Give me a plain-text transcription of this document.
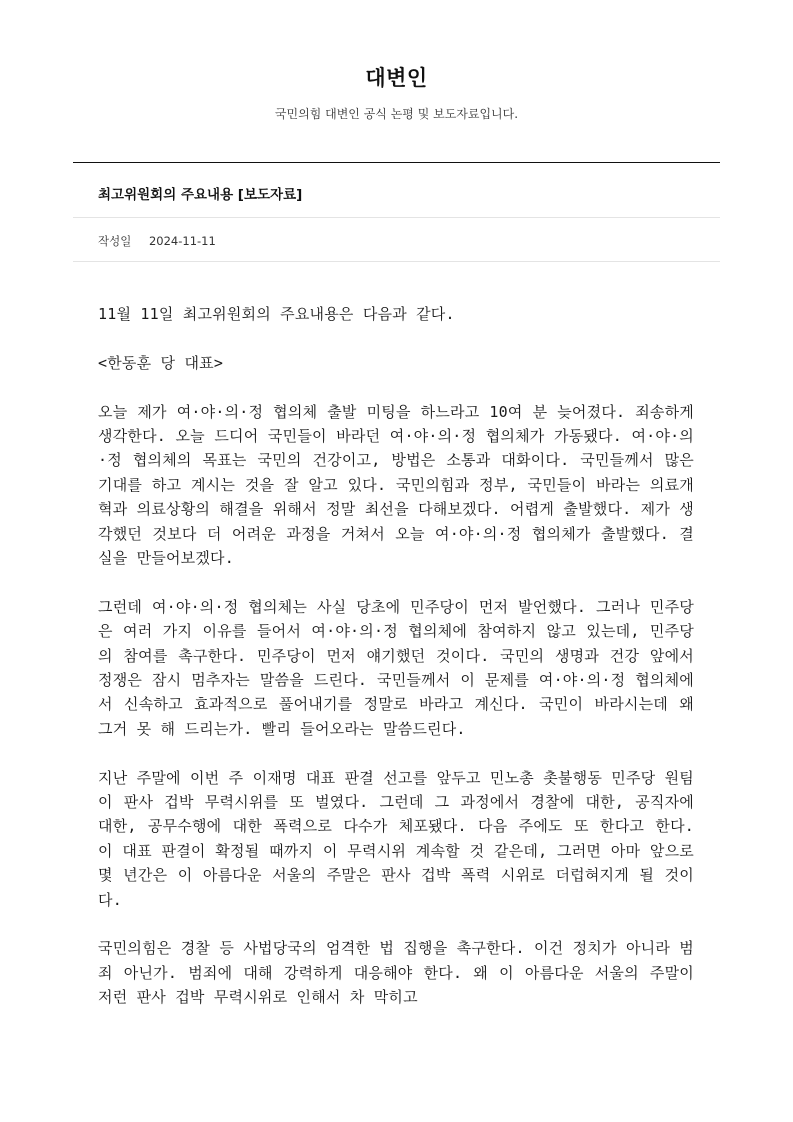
대변인
국민의힘 대변인 공식 논평 및 보도자료입니다.
최고위원회의 주요내용 [보도자료]
작성일 2024-11-11

11월 11일 최고위원회의 주요내용은 다음과 같다.

<한동훈 당 대표>

오늘 제가 여·야·의·정 협의체 출발 미팅을 하느라고 10여 분 늦어졌다. 죄송하게 생각한다. 오늘 드디어 국민들이 바라던 여·야·의·정 협의체가 가동됐다. 여·야·의·정 협의체의 목표는 국민의 건강이고, 방법은 소통과 대화이다. 국민들께서 많은 기대를 하고 계시는 것을 잘 알고 있다. 국민의힘과 정부, 국민들이 바라는 의료개혁과 의료상황의 해결을 위해서 정말 최선을 다해보겠다. 어렵게 출발했다. 제가 생각했던 것보다 더 어려운 과정을 거쳐서 오늘 여·야·의·정 협의체가 출발했다. 결실을 만들어보겠다.

그런데 여·야·의·정 협의체는 사실 당초에 민주당이 먼저 발언했다. 그러나 민주당은 여러 가지 이유를 들어서 여·야·의·정 협의체에 참여하지 않고 있는데, 민주당의 참여를 촉구한다. 민주당이 먼저 얘기했던 것이다. 국민의 생명과 건강 앞에서 정쟁은 잠시 멈추자는 말씀을 드린다. 국민들께서 이 문제를 여·야·의·정 협의체에서 신속하고 효과적으로 풀어내기를 정말로 바라고 계신다. 국민이 바라시는데 왜 그거 못 해 드리는가. 빨리 들어오라는 말씀드린다.

지난 주말에 이번 주 이재명 대표 판결 선고를 앞두고 민노총 촛불행동 민주당 원팀이 판사 겁박 무력시위를 또 벌였다. 그런데 그 과정에서 경찰에 대한, 공직자에 대한, 공무수행에 대한 폭력으로 다수가 체포됐다. 다음 주에도 또 한다고 한다. 이 대표 판결이 확정될 때까지 이 무력시위 계속할 것 같은데, 그러면 아마 앞으로 몇 년간은 이 아름다운 서울의 주말은 판사 겁박 폭력 시위로 더럽혀지게 될 것이다.

국민의힘은 경찰 등 사법당국의 엄격한 법 집행을 촉구한다. 이건 정치가 아니라 범죄 아닌가. 범죄에 대해 강력하게 대응해야 한다. 왜 이 아름다운 서울의 주말이 저런 판사 겁박 무력시위로 인해서 차 막히고
